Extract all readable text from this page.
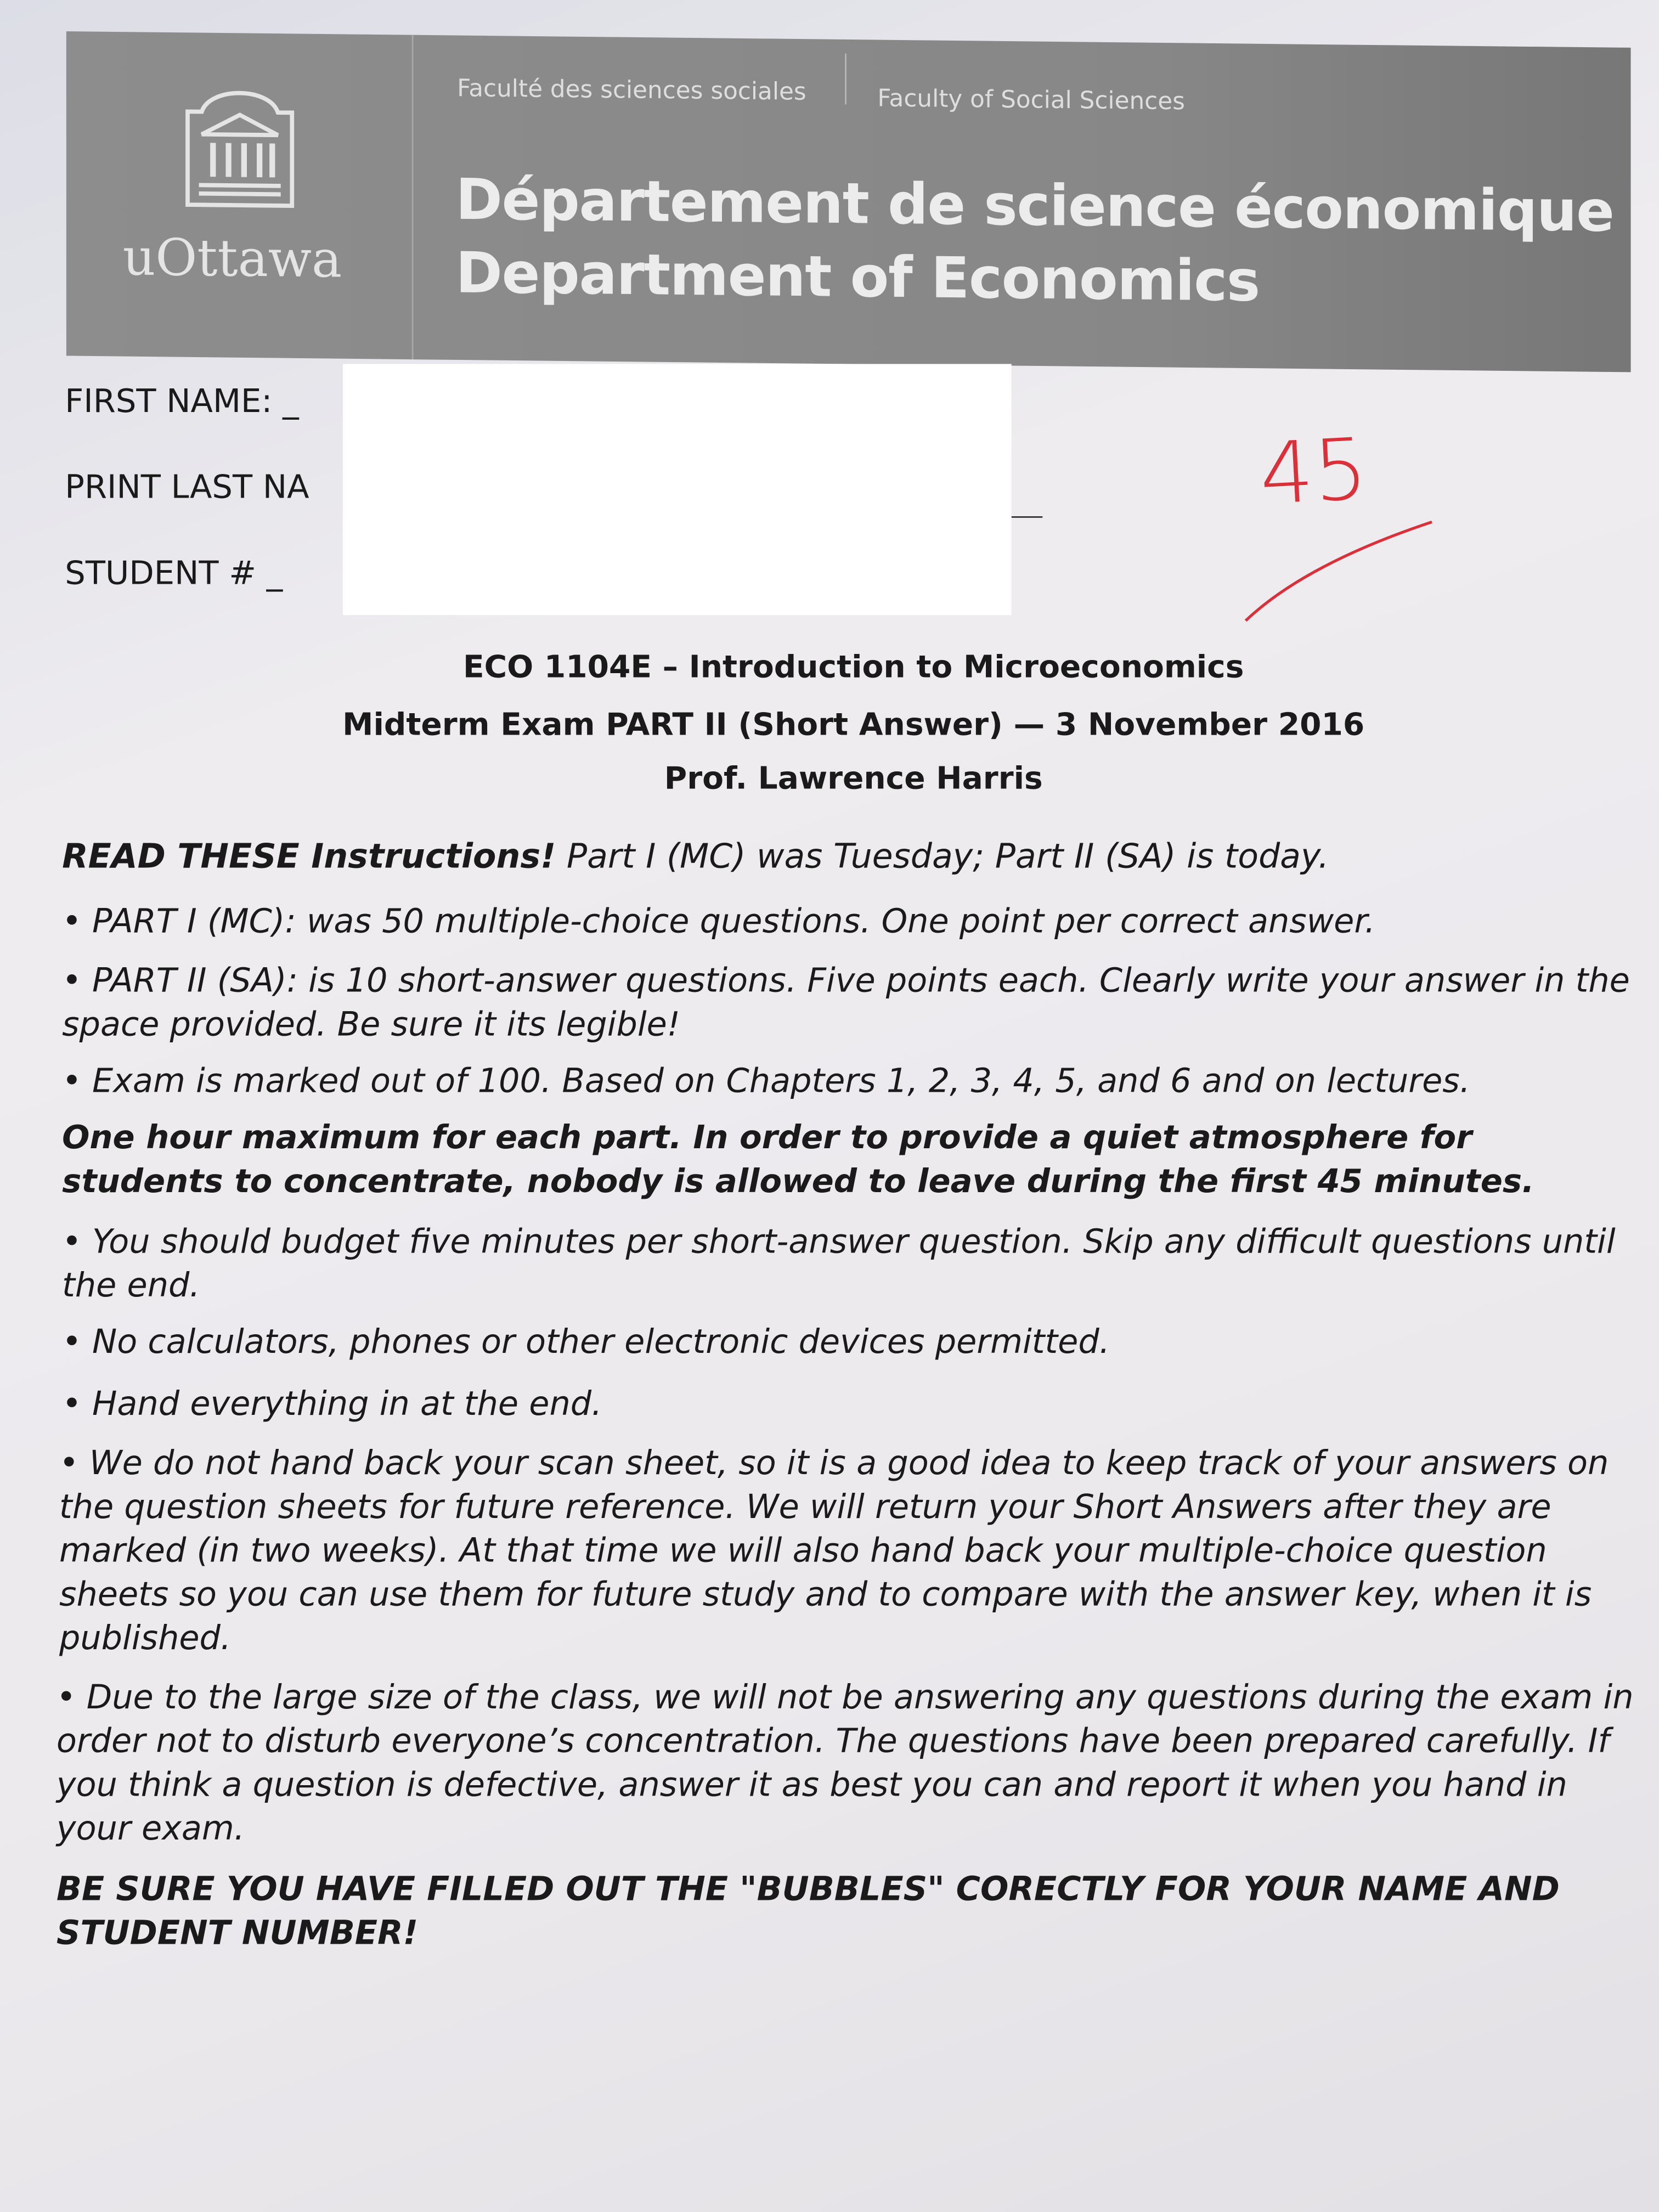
uOttawa
Faculté des sciences sociales	Faculty of Social Sciences
Département de science économique
Department of Economics
FIRST NAME: _
PRINT LAST NA
STUDENT # _
45
ECO 1104E – Introduction to Microeconomics
Midterm Exam PART II (Short Answer) — 3 November 2016
Prof. Lawrence Harris
READ THESE Instructions! Part I (MC) was Tuesday; Part II (SA) is today.
• PART I (MC): was 50 multiple-choice questions. One point per correct answer.
• PART II (SA): is 10 short-answer questions. Five points each. Clearly write your answer in the space provided. Be sure it its legible!
• Exam is marked out of 100. Based on Chapters 1, 2, 3, 4, 5, and 6 and on lectures.
One hour maximum for each part. In order to provide a quiet atmosphere for students to concentrate, nobody is allowed to leave during the first 45 minutes.
• You should budget five minutes per short-answer question. Skip any difficult questions until the end.
• No calculators, phones or other electronic devices permitted.
• Hand everything in at the end.
• We do not hand back your scan sheet, so it is a good idea to keep track of your answers on the question sheets for future reference. We will return your Short Answers after they are marked (in two weeks). At that time we will also hand back your multiple-choice question sheets so you can use them for future study and to compare with the answer key, when it is published.
• Due to the large size of the class, we will not be answering any questions during the exam in order not to disturb everyone’s concentration. The questions have been prepared carefully. If you think a question is defective, answer it as best you can and report it when you hand in your exam.
BE SURE YOU HAVE FILLED OUT THE "BUBBLES" CORECTLY FOR YOUR NAME AND STUDENT NUMBER!
